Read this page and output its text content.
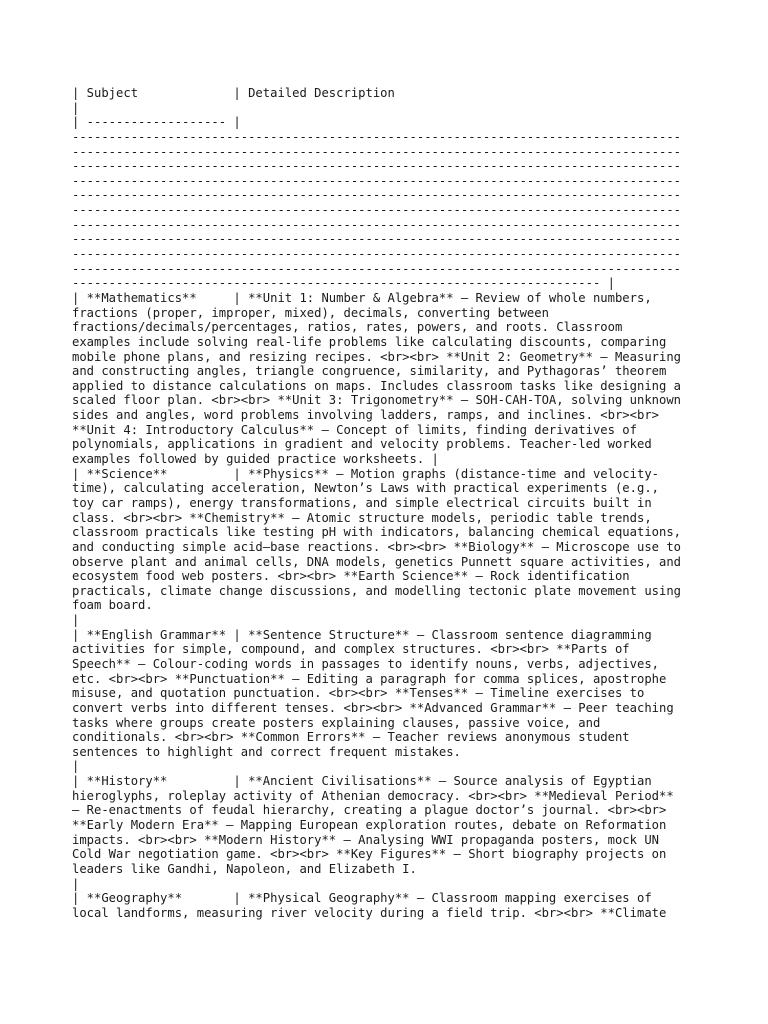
| Subject             | Detailed Description
|
| ------------------- |
-----------------------------------------------------------------------------------
-----------------------------------------------------------------------------------
-----------------------------------------------------------------------------------
-----------------------------------------------------------------------------------
-----------------------------------------------------------------------------------
-----------------------------------------------------------------------------------
-----------------------------------------------------------------------------------
-----------------------------------------------------------------------------------
-----------------------------------------------------------------------------------
-----------------------------------------------------------------------------------
------------------------------------------------------------------------ |
| **Mathematics**     | **Unit 1: Number & Algebra** – Review of whole numbers,
fractions (proper, improper, mixed), decimals, converting between
fractions/decimals/percentages, ratios, rates, powers, and roots. Classroom
examples include solving real-life problems like calculating discounts, comparing
mobile phone plans, and resizing recipes. <br><br> **Unit 2: Geometry** – Measuring
and constructing angles, triangle congruence, similarity, and Pythagoras’ theorem
applied to distance calculations on maps. Includes classroom tasks like designing a
scaled floor plan. <br><br> **Unit 3: Trigonometry** – SOH-CAH-TOA, solving unknown
sides and angles, word problems involving ladders, ramps, and inclines. <br><br>
**Unit 4: Introductory Calculus** – Concept of limits, finding derivatives of
polynomials, applications in gradient and velocity problems. Teacher-led worked
examples followed by guided practice worksheets. |
| **Science**         | **Physics** – Motion graphs (distance-time and velocity-
time), calculating acceleration, Newton’s Laws with practical experiments (e.g.,
toy car ramps), energy transformations, and simple electrical circuits built in
class. <br><br> **Chemistry** – Atomic structure models, periodic table trends,
classroom practicals like testing pH with indicators, balancing chemical equations,
and conducting simple acid–base reactions. <br><br> **Biology** – Microscope use to
observe plant and animal cells, DNA models, genetics Punnett square activities, and
ecosystem food web posters. <br><br> **Earth Science** – Rock identification
practicals, climate change discussions, and modelling tectonic plate movement using
foam board.
|
| **English Grammar** | **Sentence Structure** – Classroom sentence diagramming
activities for simple, compound, and complex structures. <br><br> **Parts of
Speech** – Colour-coding words in passages to identify nouns, verbs, adjectives,
etc. <br><br> **Punctuation** – Editing a paragraph for comma splices, apostrophe
misuse, and quotation punctuation. <br><br> **Tenses** – Timeline exercises to
convert verbs into different tenses. <br><br> **Advanced Grammar** – Peer teaching
tasks where groups create posters explaining clauses, passive voice, and
conditionals. <br><br> **Common Errors** – Teacher reviews anonymous student
sentences to highlight and correct frequent mistakes.
|
| **History**         | **Ancient Civilisations** – Source analysis of Egyptian
hieroglyphs, roleplay activity of Athenian democracy. <br><br> **Medieval Period**
– Re-enactments of feudal hierarchy, creating a plague doctor’s journal. <br><br>
**Early Modern Era** – Mapping European exploration routes, debate on Reformation
impacts. <br><br> **Modern History** – Analysing WWI propaganda posters, mock UN
Cold War negotiation game. <br><br> **Key Figures** – Short biography projects on
leaders like Gandhi, Napoleon, and Elizabeth I.
|
| **Geography**       | **Physical Geography** – Classroom mapping exercises of
local landforms, measuring river velocity during a field trip. <br><br> **Climate
